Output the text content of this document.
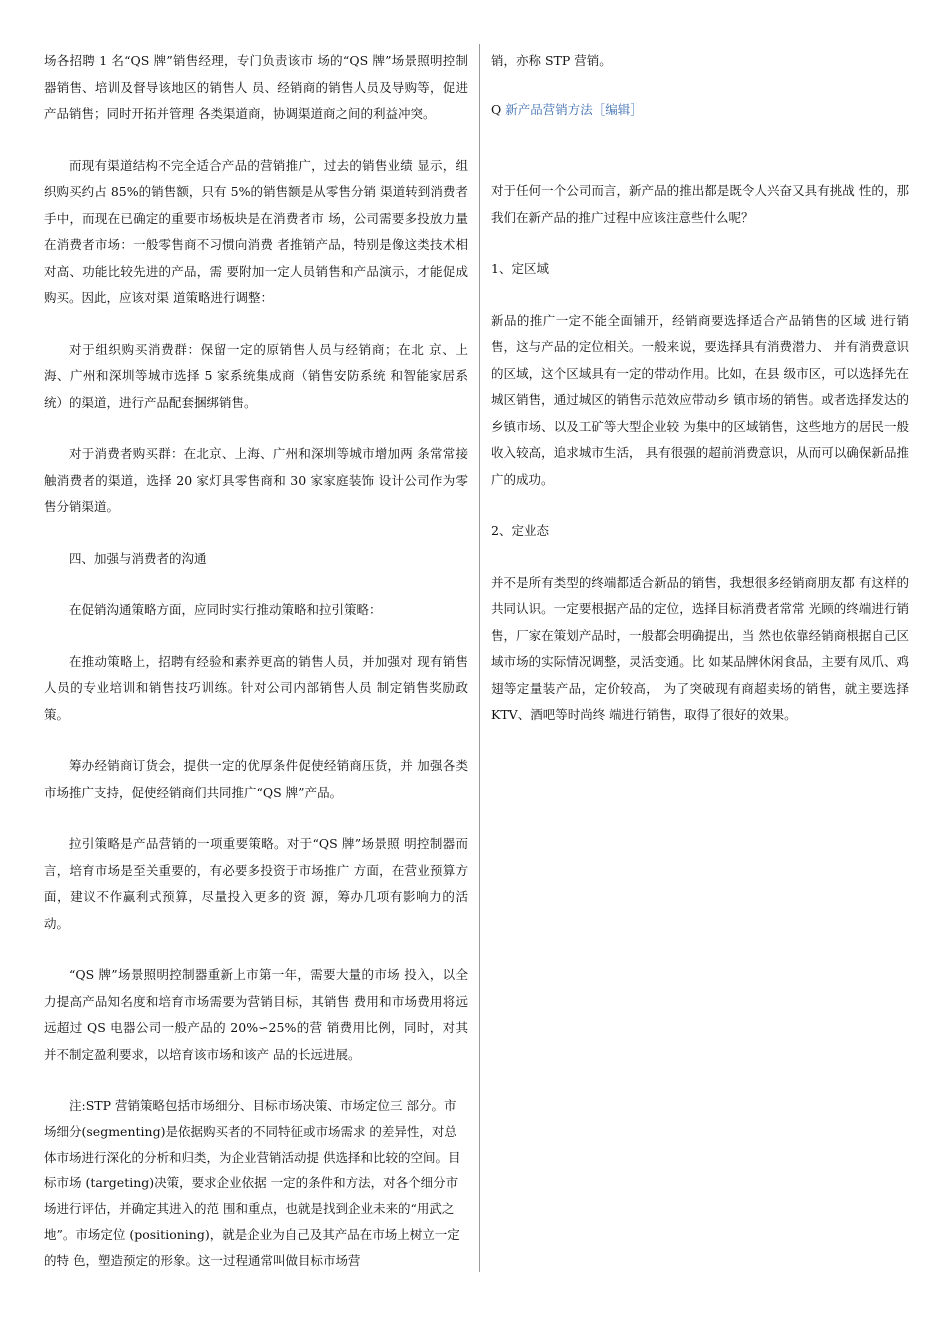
场各招聘 1 名“QS 牌”销售经理，专门负责该市 场的“QS 牌”场景照明控制器销售、培训及督导该地区的销售人 员、经销商的销售人员及导购等，促进产品销售；同时开拓并管理 各类渠道商，协调渠道商之间的利益冲突。

而现有渠道结构不完全适合产品的营销推广，过去的销售业绩 显示，组织购买约占 85%的销售额，只有 5%的销售额是从零售分销 渠道转到消费者手中，而现在已确定的重要市场板块是在消费者市 场，公司需要多投放力量在消费者市场：一般零售商不习惯向消费 者推销产品，特别是像这类技术相对高、功能比较先进的产品，需 要附加一定人员销售和产品演示，才能促成购买。因此，应该对渠 道策略进行调整：

对于组织购买消费群：保留一定的原销售人员与经销商；在北 京、上海、广州和深圳等城市选择 5 家系统集成商（销售安防系统 和智能家居系统）的渠道，进行产品配套捆绑销售。

对于消费者购买群：在北京、上海、广州和深圳等城市增加两 条常常接触消费者的渠道，选择 20 家灯具零售商和 30 家家庭装饰 设计公司作为零售分销渠道。

四、加强与消费者的沟通

在促销沟通策略方面，应同时实行推动策略和拉引策略：

在推动策略上，招聘有经验和素养更高的销售人员，并加强对 现有销售人员的专业培训和销售技巧训练。针对公司内部销售人员 制定销售奖励政策。

筹办经销商订货会，提供一定的优厚条件促使经销商压货，并 加强各类市场推广支持，促使经销商们共同推广“QS 牌”产品。

拉引策略是产品营销的一项重要策略。对于“QS 牌”场景照 明控制器而言，培育市场是至关重要的，有必要多投资于市场推广 方面，在营业预算方面，建议不作赢利式预算，尽量投入更多的资 源，筹办几项有影响力的活动。

“QS 牌”场景照明控制器重新上市第一年，需要大量的市场 投入，以全力提高产品知名度和培育市场需要为营销目标，其销售 费用和市场费用将远远超过 QS 电器公司一般产品的 20%∽25%的营 销费用比例，同时，对其并不制定盈利要求，以培育该市场和该产 品的长远进展。

注:STP 营销策略包括市场细分、目标市场决策、市场定位三 部分。市场细分(segmenting)是依据购买者的不同特征或市场需求 的差异性，对总体市场进行深化的分析和归类，为企业营销活动提 供选择和比较的空间。目标市场 (targeting)决策，要求企业依据 一定的条件和方法，对各个细分市场进行评估，并确定其进入的范 围和重点，也就是找到企业未来的“用武之地”。市场定位 (positioning)，就是企业为自己及其产品在市场上树立一定的特 色，塑造预定的形象。这一过程通常叫做目标市场营

销，亦称 STP 营销。

Q 新产品营销方法［编辑］

对于任何一个公司而言，新产品的推出都是既令人兴奋又具有挑战 性的，那我们在新产品的推广过程中应该注意些什么呢？

1、定区域

新品的推广一定不能全面铺开，经销商要选择适合产品销售的区域 进行销售，这与产品的定位相关。一般来说，要选择具有消费潜力、 并有消费意识的区域，这个区域具有一定的带动作用。比如，在县 级市区，可以选择先在城区销售，通过城区的销售示范效应带动乡 镇市场的销售。或者选择发达的乡镇市场、以及工矿等大型企业较 为集中的区域销售，这些地方的居民一般收入较高，追求城市生活， 具有很强的超前消费意识，从而可以确保新品推广的成功。

2、定业态

并不是所有类型的终端都适合新品的销售，我想很多经销商朋友都 有这样的共同认识。一定要根据产品的定位，选择目标消费者常常 光顾的终端进行销售，厂家在策划产品时，一般都会明确提出，当 然也依靠经销商根据自己区域市场的实际情况调整，灵活变通。比 如某品牌休闲食品，主要有凤爪、鸡翅等定量装产品，定价较高， 为了突破现有商超卖场的销售，就主要选择 KTV、酒吧等时尚终 端进行销售，取得了很好的效果。
